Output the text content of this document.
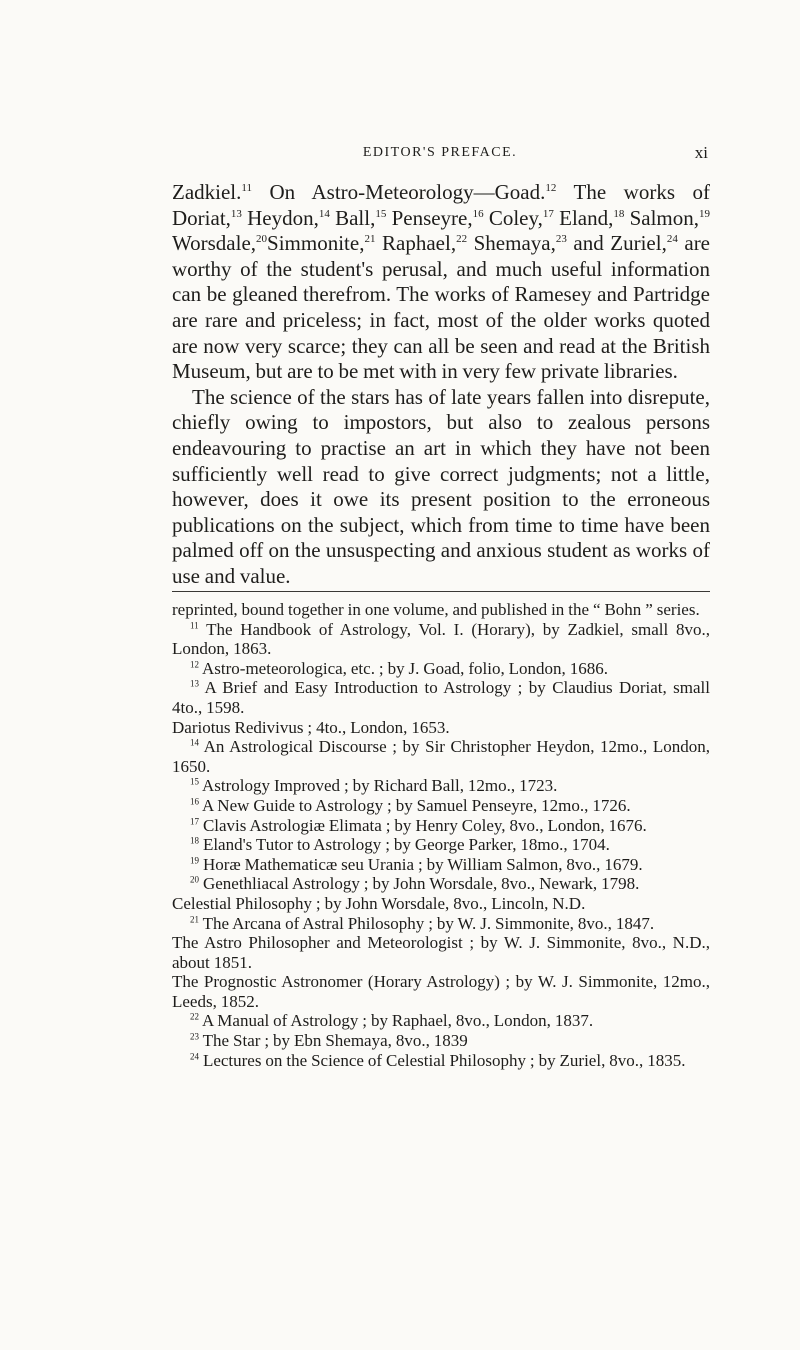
EDITOR'S PREFACE.	xi

Zadkiel.$^{11}$ On Astro-Meteorology—Goad.$^{12}$ The works of Doriat,$^{13}$ Heydon,$^{14}$ Ball,$^{15}$ Penseyre,$^{16}$ Coley,$^{17}$ Eland,$^{18}$ Salmon,$^{19}$ Worsdale,$^{20}$Simmonite,$^{21}$ Raphael,$^{22}$ Shemaya,$^{23}$ and Zuriel,$^{24}$ are worthy of the student's perusal, and much useful information can be gleaned therefrom. The works of Ramesey and Partridge are rare and priceless; in fact, most of the older works quoted are now very scarce; they can all be seen and read at the British Museum, but are to be met with in very few private libraries.

The science of the stars has of late years fallen into disrepute, chiefly owing to impostors, but also to zealous persons endeavouring to practise an art in which they have not been sufficiently well read to give correct judgments; not a little, however, does it owe its present position to the erroneous publications on the subject, which from time to time have been palmed off on the unsuspecting and anxious student as works of use and value.

reprinted, bound together in one volume, and published in the “ Bohn ” series.

$^{11}$ The Handbook of Astrology, Vol. I. (Horary), by Zadkiel, small 8vo., London, 1863.

$^{12}$ Astro-meteorologica, etc. ; by J. Goad, folio, London, 1686.

$^{13}$ A Brief and Easy Introduction to Astrology ; by Claudius Doriat, small 4to., 1598.

Dariotus Redivivus ; 4to., London, 1653.

$^{14}$ An Astrological Discourse ; by Sir Christopher Heydon, 12mo., London, 1650.

$^{15}$ Astrology Improved ; by Richard Ball, 12mo., 1723.

$^{16}$ A New Guide to Astrology ; by Samuel Penseyre, 12mo., 1726.

$^{17}$ Clavis Astrologiæ Elimata ; by Henry Coley, 8vo., London, 1676.

$^{18}$ Eland's Tutor to Astrology ; by George Parker, 18mo., 1704.

$^{19}$ Horæ Mathematicæ seu Urania ; by William Salmon, 8vo., 1679.

$^{20}$ Genethliacal Astrology ; by John Worsdale, 8vo., Newark, 1798.

Celestial Philosophy ; by John Worsdale, 8vo., Lincoln, N.D.

$^{21}$ The Arcana of Astral Philosophy ; by W. J. Simmonite, 8vo., 1847.

The Astro Philosopher and Meteorologist ; by W. J. Simmonite, 8vo., N.D., about 1851.

The Prognostic Astronomer (Horary Astrology) ; by W. J. Simmonite, 12mo., Leeds, 1852.

$^{22}$ A Manual of Astrology ; by Raphael, 8vo., London, 1837.

$^{23}$ The Star ; by Ebn Shemaya, 8vo., 1839

$^{24}$ Lectures on the Science of Celestial Philosophy ; by Zuriel, 8vo., 1835.
